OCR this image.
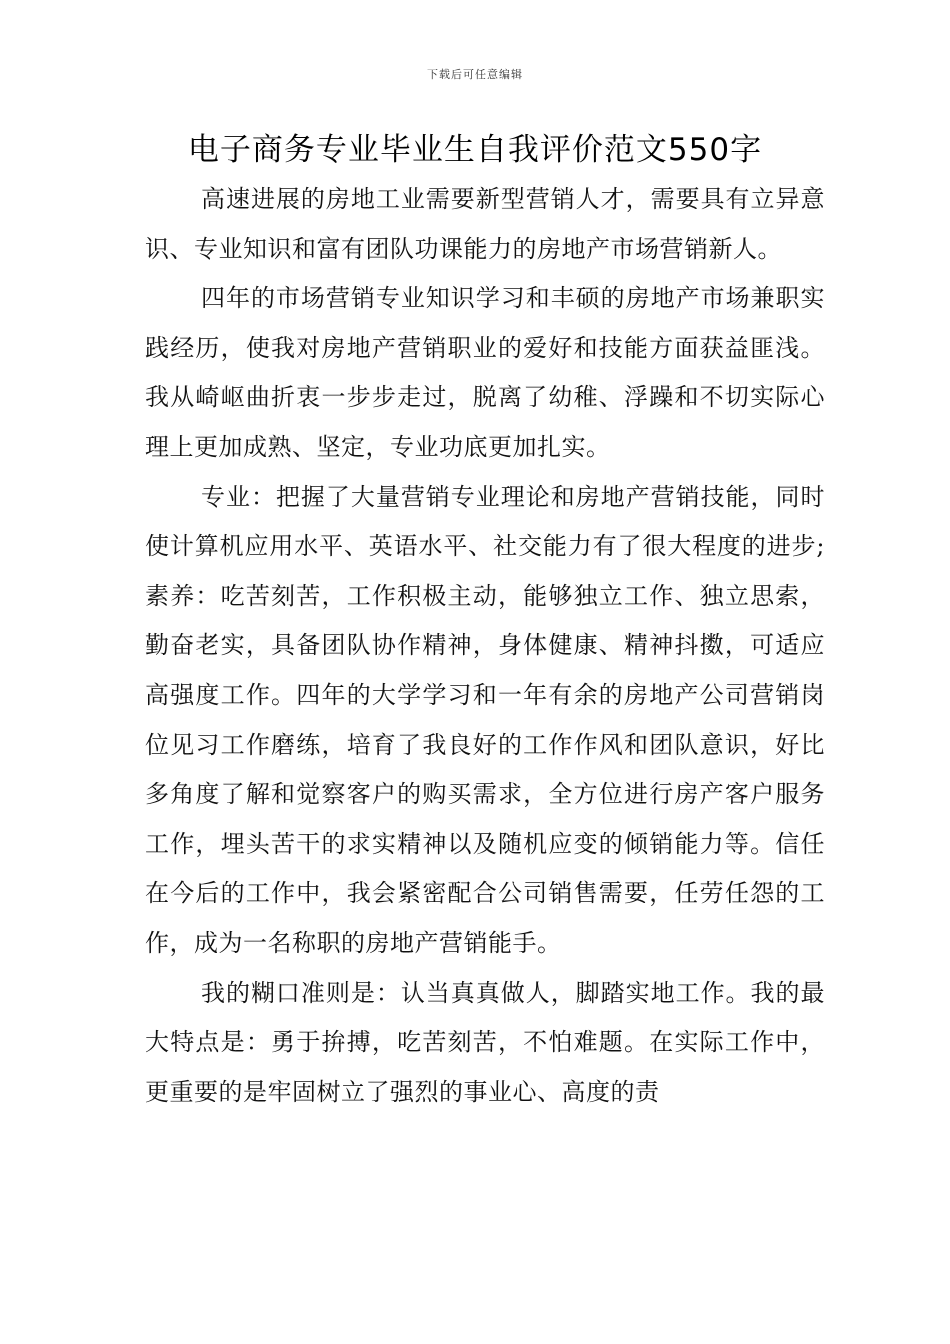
下载后可任意编辑
电子商务专业毕业生自我评价范文550字

高速进展的房地工业需要新型营销人才，需要具有立异意识、专业知识和富有团队功课能力的房地产市场营销新人。

四年的市场营销专业知识学习和丰硕的房地产市场兼职实践经历，使我对房地产营销职业的爱好和技能方面获益匪浅。我从崎岖曲折衷一步步走过，脱离了幼稚、浮躁和不切实际心理上更加成熟、坚定，专业功底更加扎实。

专业：把握了大量营销专业理论和房地产营销技能，同时使计算机应用水平、英语水平、社交能力有了很大程度的进步;素养：吃苦刻苦，工作积极主动，能够独立工作、独立思索，勤奋老实，具备团队协作精神，身体健康、精神抖擞，可适应高强度工作。四年的大学学习和一年有余的房地产公司营销岗位见习工作磨练，培育了我良好的工作作风和团队意识，好比多角度了解和觉察客户的购买需求，全方位进行房产客户服务工作，埋头苦干的求实精神以及随机应变的倾销能力等。信任在今后的工作中，我会紧密配合公司销售需要，任劳任怨的工作，成为一名称职的房地产营销能手。

我的糊口准则是：认当真真做人，脚踏实地工作。我的最大特点是：勇于拚搏，吃苦刻苦，不怕难题。在实际工作中，更重要的是牢固树立了强烈的事业心、高度的责
